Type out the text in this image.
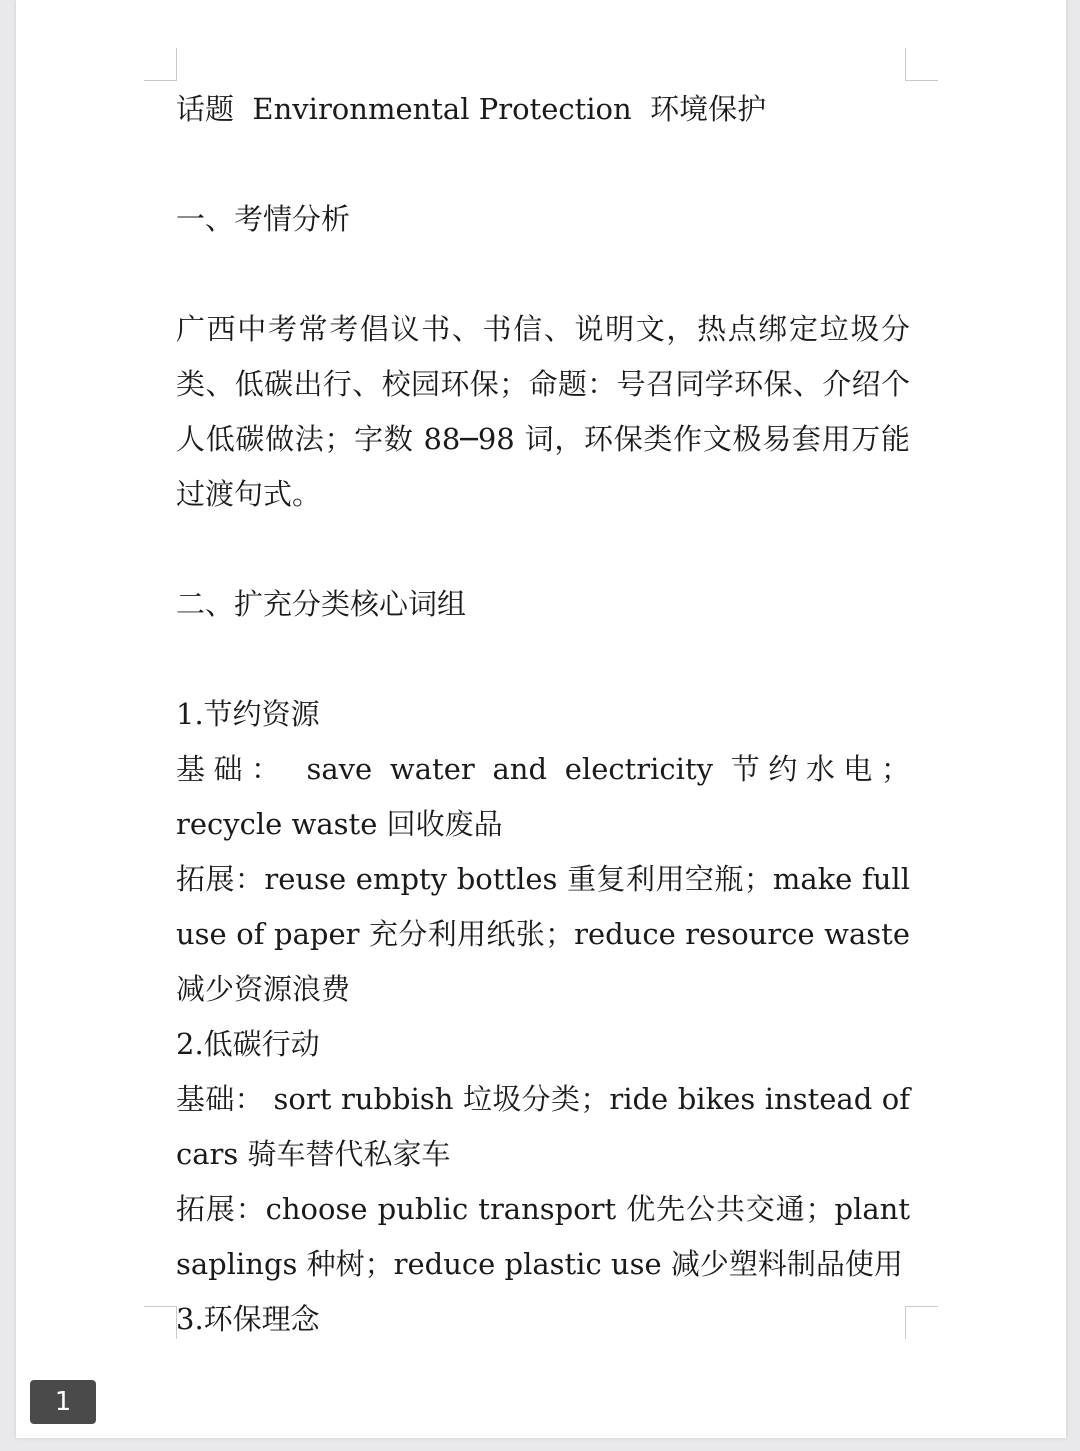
话题  Environmental Protection  环境保护

一、考情分析

广西中考常考倡议书、书信、说明文，热点绑定垃圾分类、低碳出行、校园环保；命题：号召同学环保、介绍个人低碳做法；字数 88─98 词，环保类作文极易套用万能过渡句式。

二、扩充分类核心词组

1.节约资源

基础： save water and electricity 节约水电；recycle waste 回收废品

拓展：reuse empty bottles 重复利用空瓶；make full use of paper 充分利用纸张；reduce resource waste 减少资源浪费

2.低碳行动

基础： sort rubbish 垃圾分类；ride bikes instead of cars 骑车替代私家车

拓展：choose public transport 优先公共交通；plant saplings 种树；reduce plastic use 减少塑料制品使用

3.环保理念

1
